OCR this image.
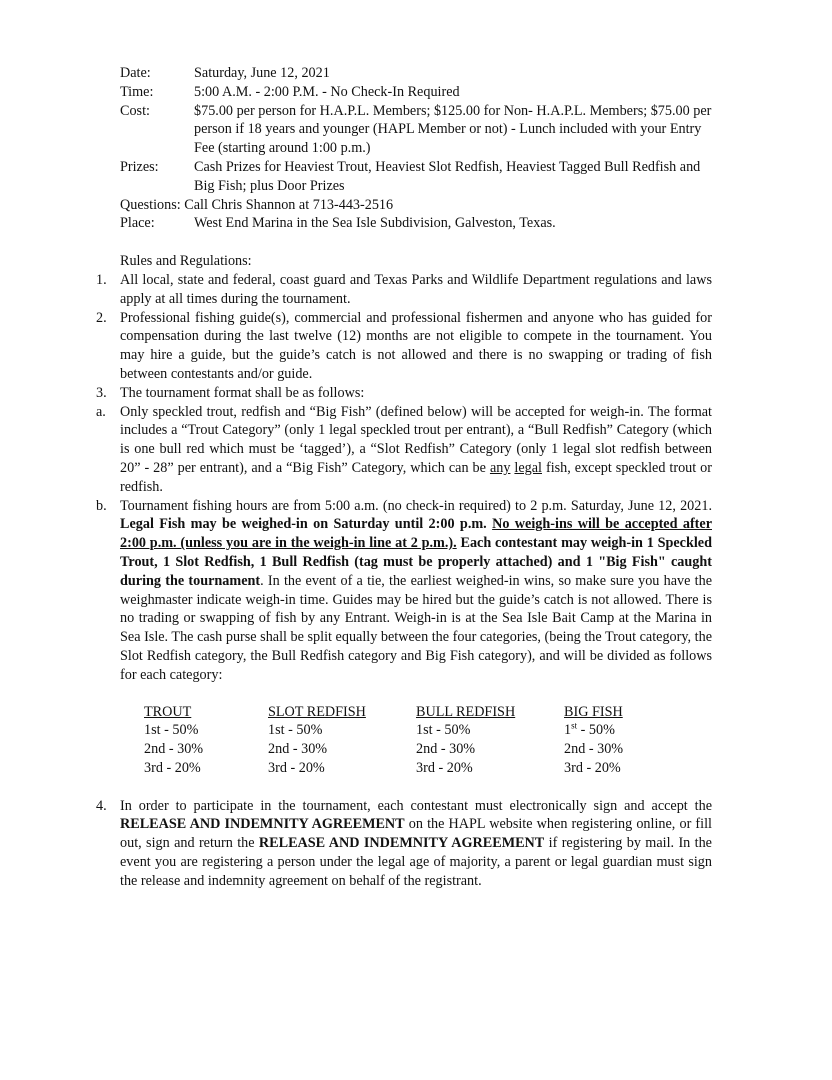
Date:	Saturday, June 12, 2021
Time:	5:00 A.M. - 2:00 P.M. - No Check-In Required
Cost:	$75.00 per person for H.A.P.L. Members; $125.00 for Non- H.A.P.L. Members; $75.00 per person if 18 years and younger (HAPL Member or not) - Lunch included with your Entry Fee (starting around 1:00 p.m.)
Prizes:	Cash Prizes for Heaviest Trout, Heaviest Slot Redfish, Heaviest Tagged Bull Redfish and Big Fish; plus Door Prizes
Questions: Call Chris Shannon at 713-443-2516
Place:	West End Marina in the Sea Isle Subdivision, Galveston, Texas.
Rules and Regulations:
1. All local, state and federal, coast guard and Texas Parks and Wildlife Department regulations and laws apply at all times during the tournament.

2. Professional fishing guide(s), commercial and professional fishermen and anyone who has guided for compensation during the last twelve (12) months are not eligible to compete in the tournament. You may hire a guide, but the guide’s catch is not allowed and there is no swapping or trading of fish between contestants and/or guide.

3. The tournament format shall be as follows:

a. Only speckled trout, redfish and “Big Fish” (defined below) will be accepted for weigh-in. The format includes a “Trout Category” (only 1 legal speckled trout per entrant), a “Bull Redfish” Category (which is one bull red which must be ‘tagged’), a “Slot Redfish” Category (only 1 legal slot redfish between 20” - 28” per entrant), and a “Big Fish” Category, which can be any legal fish, except speckled trout or redfish.

b. Tournament fishing hours are from 5:00 a.m. (no check-in required) to 2 p.m. Saturday, June 12, 2021. Legal Fish may be weighed-in on Saturday until 2:00 p.m. No weigh-ins will be accepted after 2:00 p.m. (unless you are in the weigh-in line at 2 p.m.). Each contestant may weigh-in 1 Speckled Trout, 1 Slot Redfish, 1 Bull Redfish (tag must be properly attached) and 1 "Big Fish" caught during the tournament. In the event of a tie, the earliest weighed-in wins, so make sure you have the weighmaster indicate weigh-in time. Guides may be hired but the guide’s catch is not allowed. There is no trading or swapping of fish by any Entrant. Weigh-in is at the Sea Isle Bait Camp at the Marina in Sea Isle. The cash purse shall be split equally between the four categories, (being the Trout category, the Slot Redfish category, the Bull Redfish category and Big Fish category), and will be divided as follows for each category:

TROUT	SLOT REDFISH	BULL REDFISH	BIG FISH
1st - 50%	1st - 50%	1st - 50%	1st - 50%
2nd - 30%	2nd - 30%	2nd - 30%	2nd - 30%
3rd - 20%	3rd - 20%	3rd - 20%	3rd - 20%
4. In order to participate in the tournament, each contestant must electronically sign and accept the RELEASE AND INDEMNITY AGREEMENT on the HAPL website when registering online, or fill out, sign and return the RELEASE AND INDEMNITY AGREEMENT if registering by mail. In the event you are registering a person under the legal age of majority, a parent or legal guardian must sign the release and indemnity agreement on behalf of the registrant.
